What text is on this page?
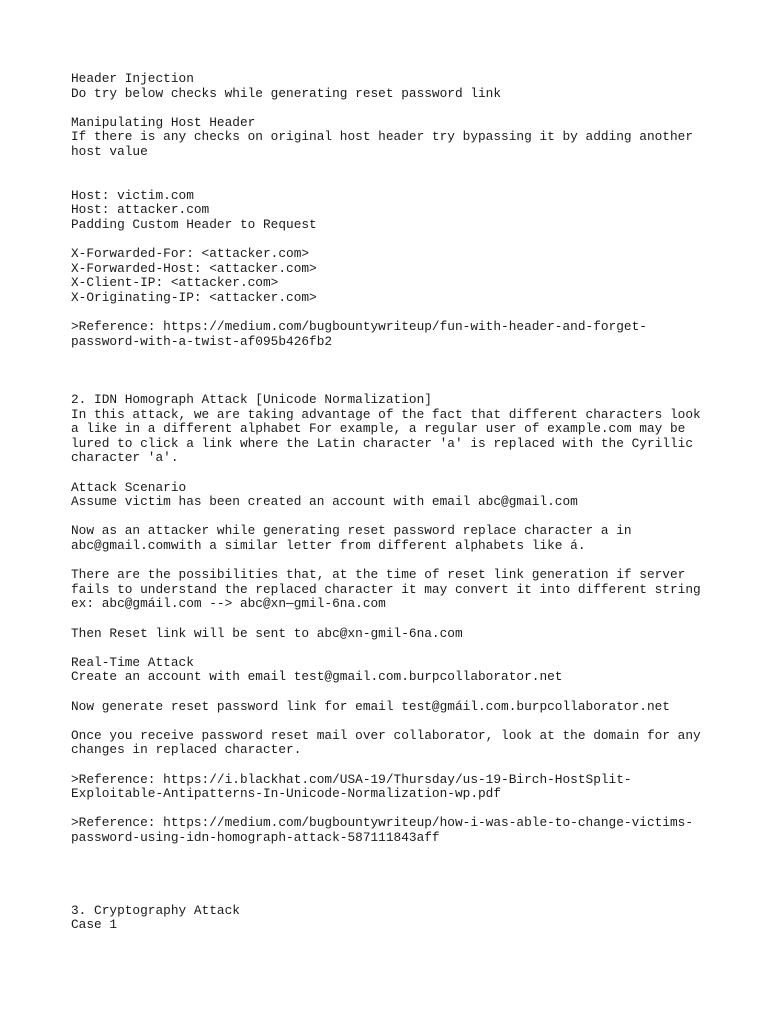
Header Injection
Do try below checks while generating reset password link
Manipulating Host Header
If there is any checks on original host header try bypassing it by adding another
host value
Host: victim.com
Host: attacker.com
Padding Custom Header to Request
X-Forwarded-For: <attacker.com>
X-Forwarded-Host: <attacker.com>
X-Client-IP: <attacker.com>
X-Originating-IP: <attacker.com>
>Reference: https://medium.com/bugbountywriteup/fun-with-header-and-forget-
password-with-a-twist-af095b426fb2
2. IDN Homograph Attack [Unicode Normalization]
In this attack, we are taking advantage of the fact that different characters look
a like in a different alphabet For example, a regular user of example.com may be
lured to click a link where the Latin character 'a' is replaced with the Cyrillic
character 'а'.
Attack Scenario
Assume victim has been created an account with email abc@gmail.com
Now as an attacker while generating reset password replace character a in
abc@gmail.comwith a similar letter from different alphabets like á.
There are the possibilities that, at the time of reset link generation if server
fails to understand the replaced character it may convert it into different string
ex: abc@gmáil.com --> abc@xn—gmil-6na.com
Then Reset link will be sent to abc@xn-gmil-6na.com
Real-Time Attack
Create an account with email test@gmail.com.burpcollaborator.net
Now generate reset password link for email test@gmáil.com.burpcollaborator.net
Once you receive password reset mail over collaborator, look at the domain for any
changes in replaced character.
>Reference: https://i.blackhat.com/USA-19/Thursday/us-19-Birch-HostSplit-
Exploitable-Antipatterns-In-Unicode-Normalization-wp.pdf
>Reference: https://medium.com/bugbountywriteup/how-i-was-able-to-change-victims-
password-using-idn-homograph-attack-587111843aff
3. Cryptography Attack
Case 1
